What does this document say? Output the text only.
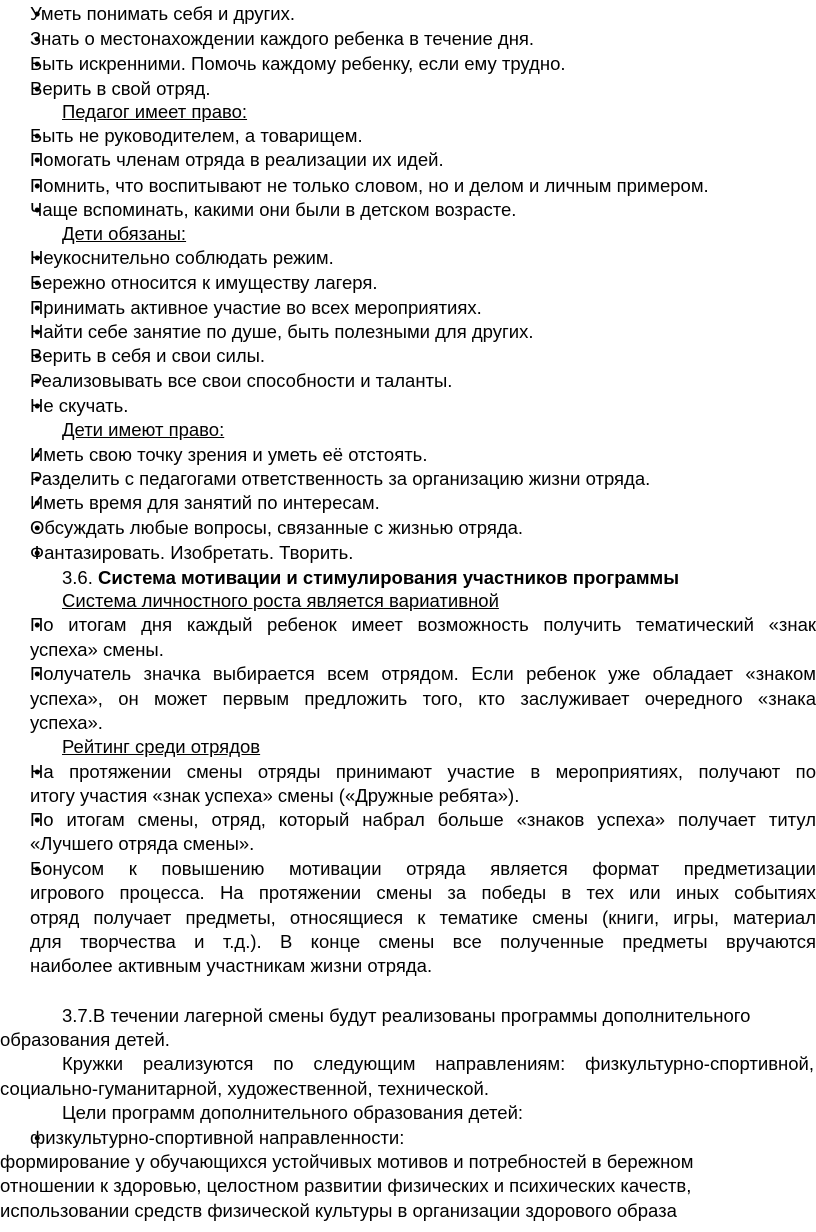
• Уметь понимать себя и других.
• Знать о местонахождении каждого ребенка в течение дня.
• Быть искренними. Помочь каждому ребенку, если ему трудно.
• Верить в свой отряд.
Педагог имеет право:
• Быть не руководителем, а товарищем.
• Помогать членам отряда в реализации их идей.
• Помнить, что воспитывают не только словом, но и делом и личным примером.
• Чаще вспоминать, какими они были в детском возрасте.
Дети обязаны:
• Неукоснительно соблюдать режим.
• Бережно относится к имуществу лагеря.
• Принимать активное участие во всех мероприятиях.
• Найти себе занятие по душе, быть полезными для других.
• Верить в себя и свои силы.
• Реализовывать все свои способности и таланты.
• Не скучать.
Дети имеют право:
• Иметь свою точку зрения и уметь её отстоять.
• Разделить с педагогами ответственность за организацию жизни отряда.
• Иметь время для занятий по интересам.
• Обсуждать любые вопросы, связанные с жизнью отряда.
• Фантазировать. Изобретать. Творить.
3.6. Система мотивации и стимулирования участников программы
Система личностного роста является вариативной
• По итогам дня каждый ребенок имеет возможность получить тематический «знак
успеха» смены.
• Получатель значка выбирается всем отрядом. Если ребенок уже обладает «знаком
успеха», он может первым предложить того, кто заслуживает очередного «знака
успеха».
Рейтинг среди отрядов
• На протяжении смены отряды принимают участие в мероприятиях, получают по
итогу участия «знак успеха» смены («Дружные ребята»).
• По итогам смены, отряд, который набрал больше «знаков успеха» получает титул
«Лучшего отряда смены».
• Бонусом к повышению мотивации отряда является формат предметизации
игрового процесса. На протяжении смены за победы в тех или иных событиях
отряд получает предметы, относящиеся к тематике смены (книги, игры, материал
для творчества и т.д.). В конце смены все полученные предметы вручаются
наиболее активным участникам жизни отряда.
3.7.В течении лагерной смены будут реализованы программы дополнительного
образования детей.
Кружки реализуются по следующим направлениям: физкультурно-спортивной,
социально-гуманитарной, художественной, технической.
Цели программ дополнительного образования детей:
• физкультурно-спортивной направленности:
формирование у обучающихся устойчивых мотивов и потребностей в бережном
отношении к здоровью, целостном развитии физических и психических качеств,
использовании средств физической культуры в организации здорового образа
